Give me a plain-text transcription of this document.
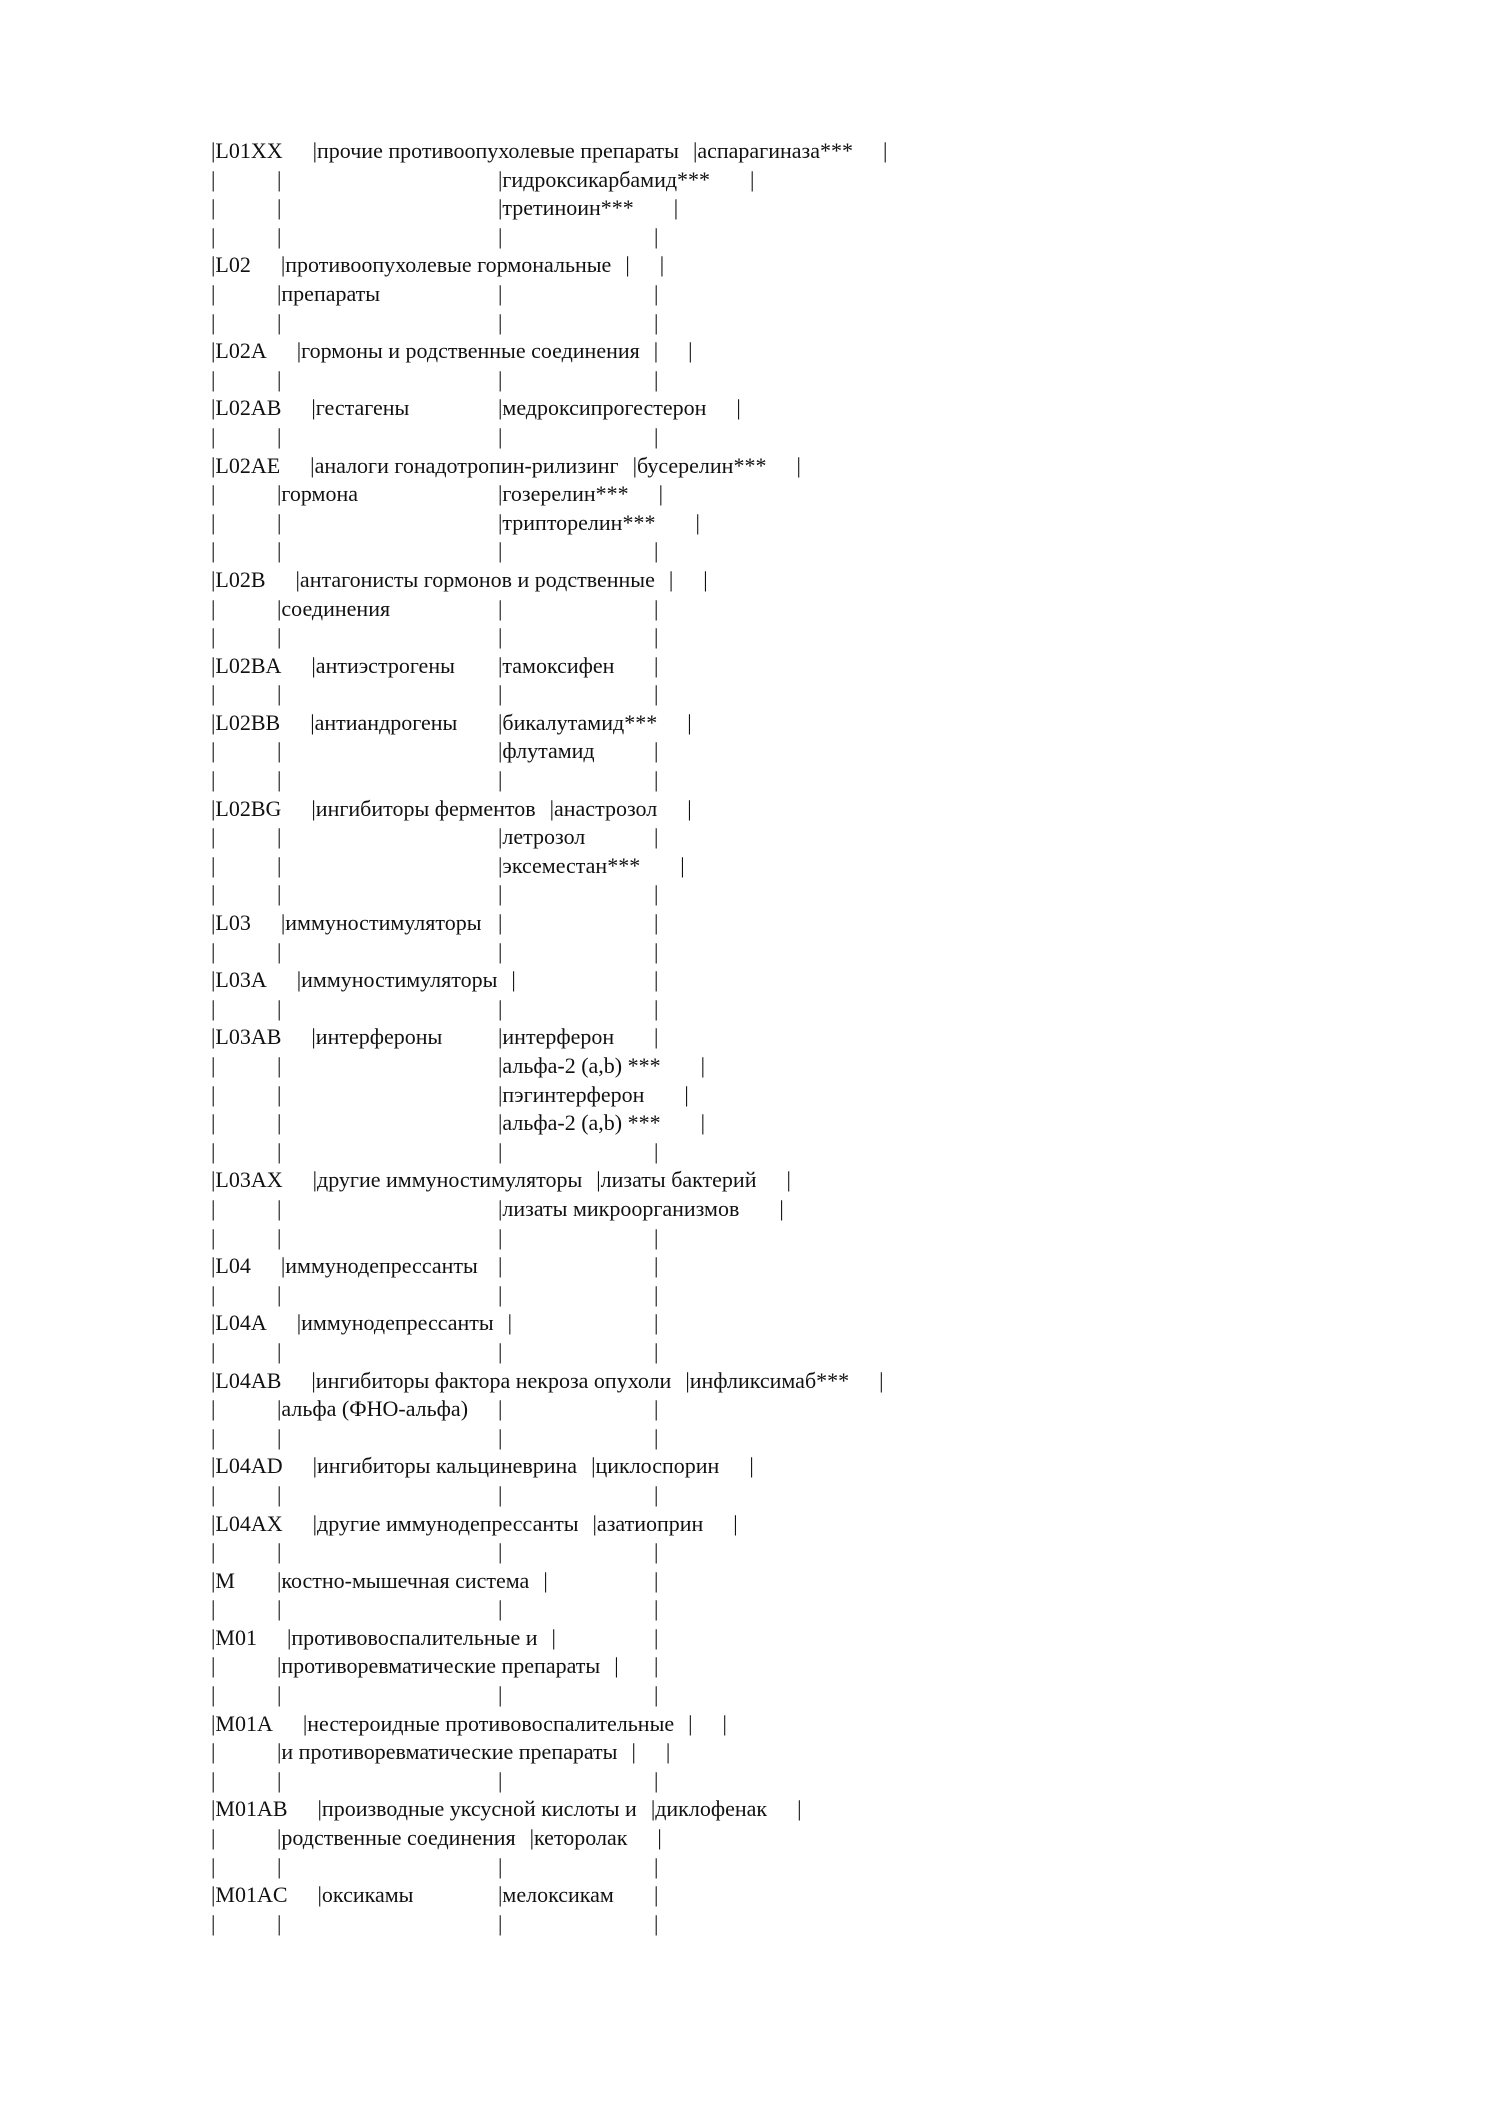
|L01XX |прочие противоопухолевые препараты |аспарагиназа*** |
|	|	|гидроксикарбамид*** |
|	|	|третиноин*** |
|	|	|	|
|L02 |противоопухолевые гормональные | |
|	|препараты	|	|
|	|	|	|
|L02A |гормоны и родственные соединения | |
|	|	|	|
|L02AB |гестагены	|медроксипрогестерон |
|	|	|	|
|L02AE |аналоги гонадотропин-рилизинг |бусерелин*** |
|	|гормона	|гозерелин*** |
|	|	|трипторелин*** |
|	|	|	|
|L02B |антагонисты гормонов и родственные | |
|	|соединения	|	|
|	|	|	|
|L02BA |антиэстрогены |тамоксифен |
|	|	|	|
|L02BB |антиандрогены |бикалутамид*** |
|	|	|флутамид	|
|	|	|	|
|L02BG |ингибиторы ферментов |анастрозол |
|	|	|летрозол	|
|	|	|эксеместан*** |
|	|	|	|
|L03 |иммуностимуляторы |	|
|	|	|	|
|L03A |иммуностимуляторы |	|
|	|	|	|
|L03AB |интерфероны	|интерферон |
|	|	|альфа-2 (a,b) *** |
|	|	|пэгинтерферон |
|	|	|альфа-2 (a,b) *** |
|	|	|	|
|L03AX |другие иммуностимуляторы |лизаты бактерий |
|	|	|лизаты микроорганизмов |
|	|	|	|
|L04 |иммунодепрессанты |	|
|	|	|	|
|L04A |иммунодепрессанты |	|
|	|	|	|
|L04AB |ингибиторы фактора некроза опухоли |инфликсимаб*** |
|	|альфа (ФНО-альфа) |	|
|	|	|	|
|L04AD |ингибиторы кальциневрина |циклоспорин |
|	|	|	|
|L04AX |другие иммунодепрессанты |азатиоприн |
|	|	|	|
|M |костно-мышечная система |	|
|	|	|	|
|M01 |противовоспалительные и |	|
|	|противоревматические препараты | |
|	|	|	|
|M01A |нестероидные противовоспалительные | |
|	|и противоревматические препараты | |
|	|	|	|
|M01AB |производные уксусной кислоты и |диклофенак |
|	|родственные соединения |кеторолак |
|	|	|	|
|M01AC |оксикамы	|мелоксикам |
|	|	|	|
